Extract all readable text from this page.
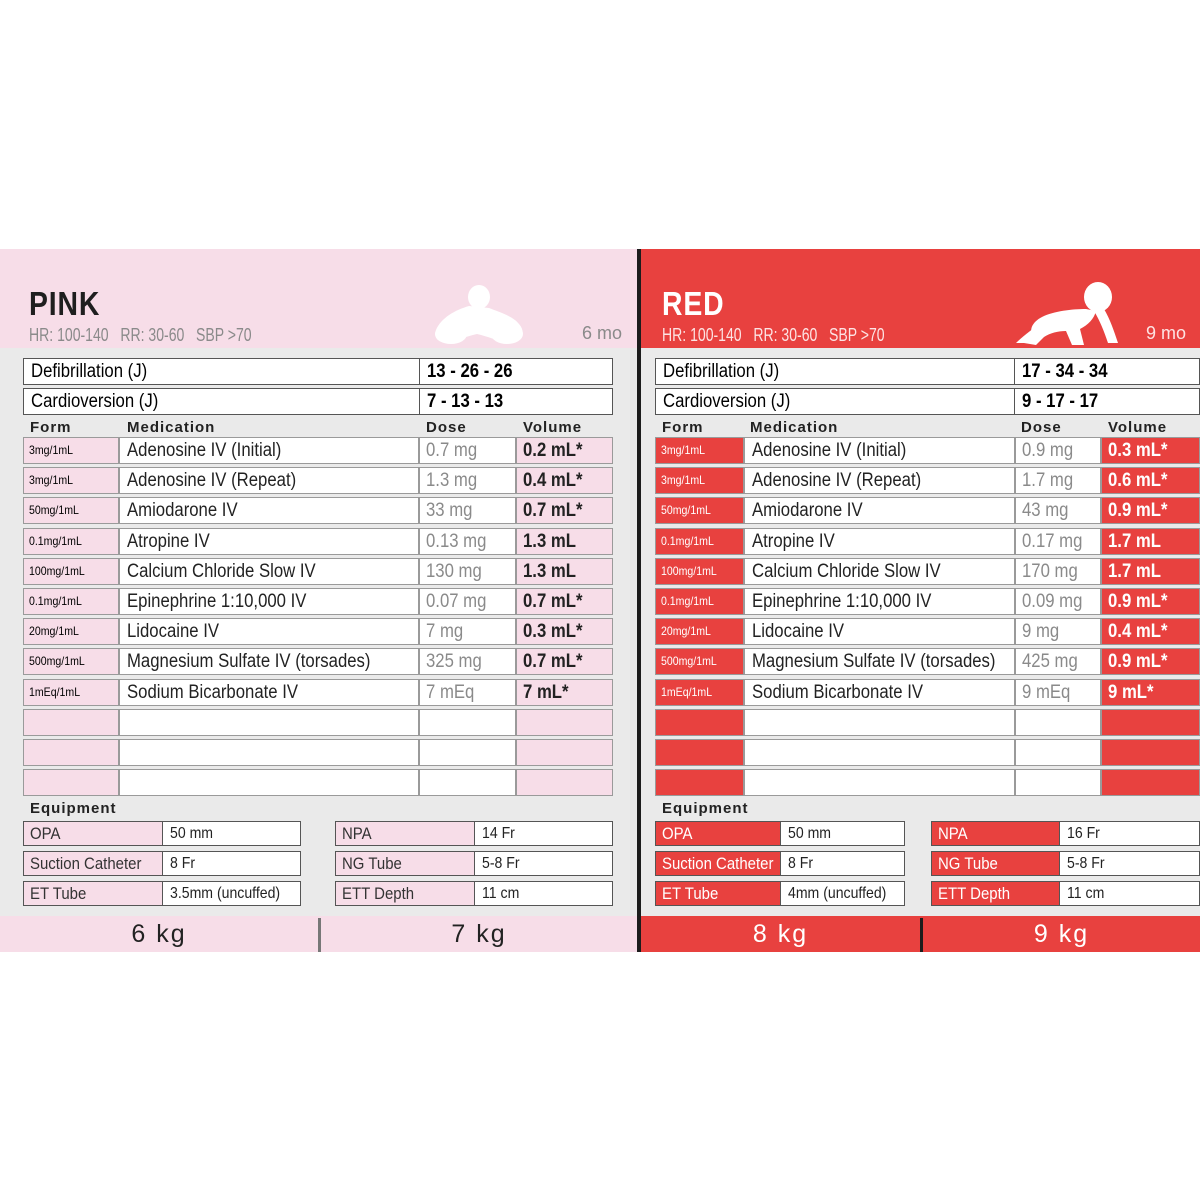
PINK
HR: 100-140 RR: 30-60 SBP >70	6 mo
Defibrillation (J)	13 - 26 - 26
Cardioversion (J)	7 - 13 - 13
Form	Medication	Dose	Volume
3mg/1mL	Adenosine IV (Initial)	0.7 mg	0.2 mL*
3mg/1mL	Adenosine IV (Repeat)	1.3 mg	0.4 mL*
50mg/1mL	Amiodarone IV	33 mg	0.7 mL*
0.1mg/1mL	Atropine IV	0.13 mg	1.3 mL
100mg/1mL	Calcium Chloride Slow IV	130 mg	1.3 mL
0.1mg/1mL	Epinephrine 1:10,000 IV	0.07 mg	0.7 mL*
20mg/1mL	Lidocaine IV	7 mg	0.3 mL*
500mg/1mL	Magnesium Sulfate IV (torsades)	325 mg	0.7 mL*
1mEq/1mL	Sodium Bicarbonate IV	7 mEq	7 mL*
Equipment
OPA	50 mm
Suction Catheter	8 Fr
ET Tube	3.5mm (uncuffed)
NPA	14 Fr
NG Tube	5-8 Fr
ETT Depth	11 cm
6 kg	7 kg
RED
HR: 100-140 RR: 30-60 SBP >70	9 mo
Defibrillation (J)	17 - 34 - 34
Cardioversion (J)	9 - 17 - 17
Form	Medication	Dose	Volume
3mg/1mL	Adenosine IV (Initial)	0.9 mg	0.3 mL*
3mg/1mL	Adenosine IV (Repeat)	1.7 mg	0.6 mL*
50mg/1mL	Amiodarone IV	43 mg	0.9 mL*
0.1mg/1mL	Atropine IV	0.17 mg	1.7 mL
100mg/1mL	Calcium Chloride Slow IV	170 mg	1.7 mL
0.1mg/1mL	Epinephrine 1:10,000 IV	0.09 mg	0.9 mL*
20mg/1mL	Lidocaine IV	9 mg	0.4 mL*
500mg/1mL	Magnesium Sulfate IV (torsades)	425 mg	0.9 mL*
1mEq/1mL	Sodium Bicarbonate IV	9 mEq	9 mL*
Equipment
OPA	50 mm
Suction Catheter 8 Fr
ET Tube	4mm (uncuffed)
NPA	16 Fr
NG Tube	5-8 Fr
ETT Depth	11 cm
8 kg	9 kg
